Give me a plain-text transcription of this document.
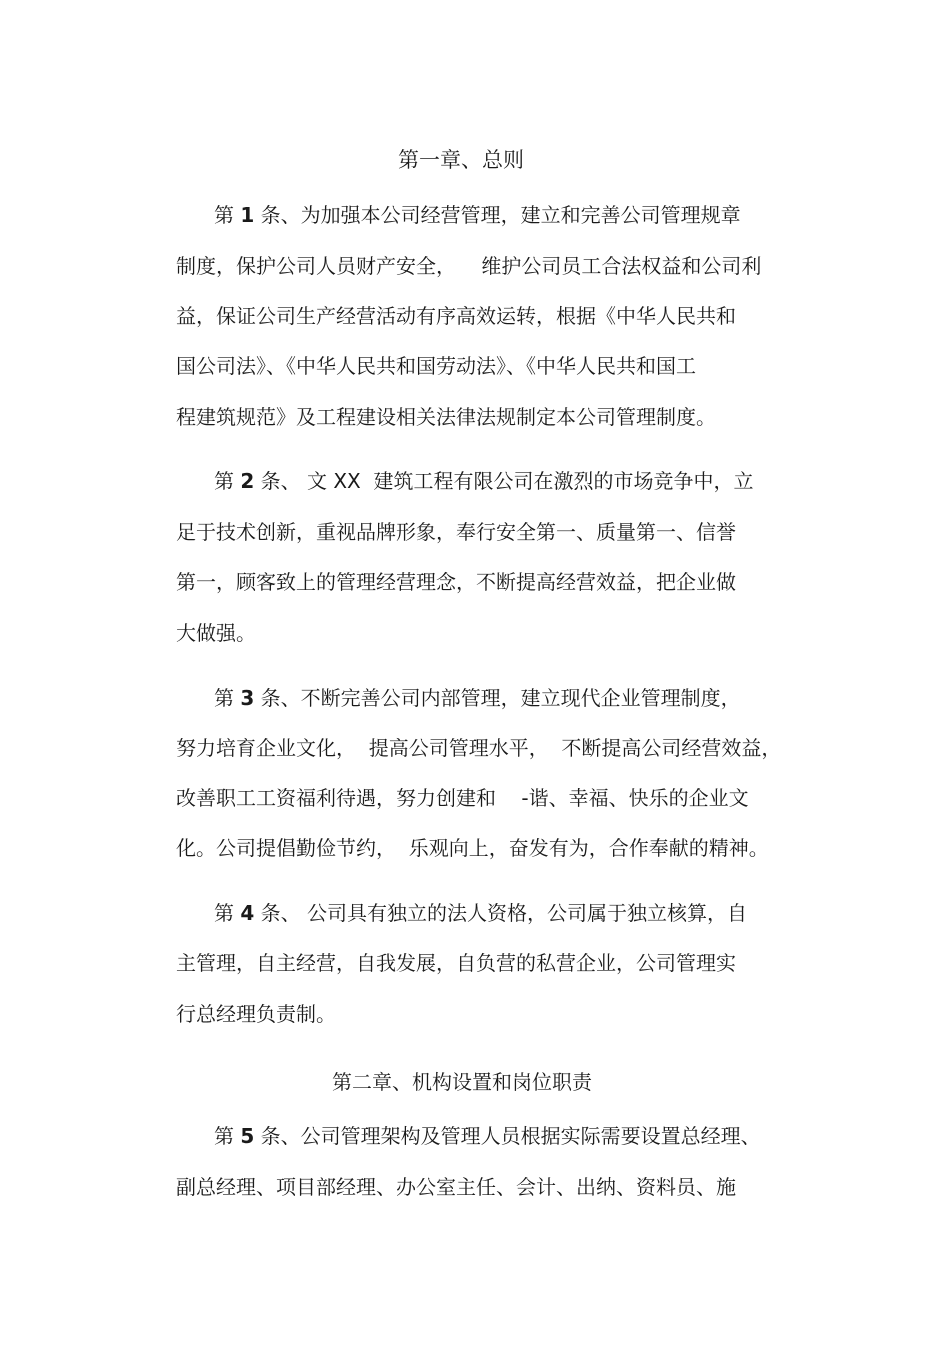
第一章、总则
第 1 条、为加强本公司经营管理，建立和完善公司管理规章
制度，保护公司人员财产安全，    维护公司员工合法权益和公司利
益，保证公司生产经营活动有序高效运转，根据《中华人民共和
国公司法》、《中华人民共和国劳动法》、《中华人民共和国工
程建筑规范》及工程建设相关法律法规制定本公司管理制度。
第 2 条、 文 XX  建筑工程有限公司在激烈的市场竞争中，立
足于技术创新，重视品牌形象，奉行安全第一、质量第一、信誉
第一，顾客致上的管理经营理念，不断提高经营效益，把企业做
大做强。
第 3 条、不断完善公司内部管理，建立现代企业管理制度，
努力培育企业文化，  提高公司管理水平，  不断提高公司经营效益，
改善职工工资福利待遇，努力创建和    -谐、幸福、快乐的企业文
化。公司提倡勤俭节约，  乐观向上，奋发有为，合作奉献的精神。
第 4 条、 公司具有独立的法人资格，公司属于独立核算，自
主管理，自主经营，自我发展，自负营的私营企业，公司管理实
行总经理负责制。
第二章、机构设置和岗位职责
第 5 条、公司管理架构及管理人员根据实际需要设置总经理、
副总经理、项目部经理、办公室主任、会计、出纳、资料员、施
